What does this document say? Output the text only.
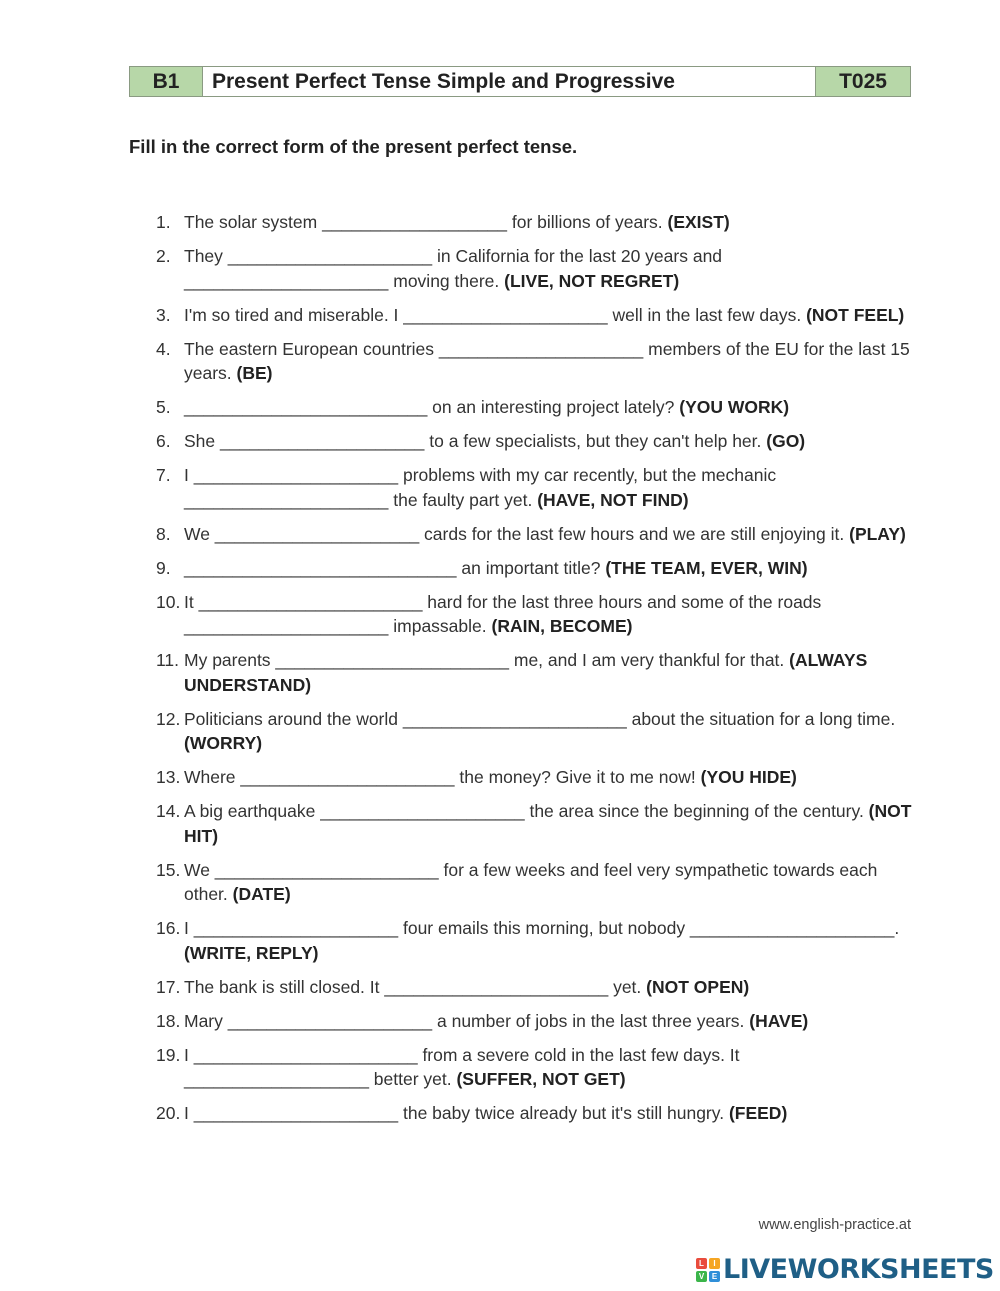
B1	Present Perfect Tense Simple and Progressive	T025
Fill in the correct form of the present perfect tense.
1. The solar system ___________________ for billions of years. (EXIST)
2. They _____________________ in California for the last 20 years and _____________________ moving there. (LIVE, NOT REGRET)
3. I'm so tired and miserable. I _____________________ well in the last few days. (NOT FEEL)
4. The eastern European countries _____________________ members of the EU for the last 15 years. (BE)
5. _________________________ on an interesting project lately? (YOU WORK)
6. She _____________________ to a few specialists, but they can't help her. (GO)
7. I _____________________ problems with my car recently, but the mechanic _____________________ the faulty part yet. (HAVE, NOT FIND)
8. We _____________________ cards for the last few hours and we are still enjoying it. (PLAY)
9. ____________________________ an important title? (THE TEAM, EVER, WIN)
10. It _______________________ hard for the last three hours and some of the roads _____________________ impassable. (RAIN, BECOME)
11. My parents ________________________ me, and I am very thankful for that. (ALWAYS UNDERSTAND)
12. Politicians around the world _______________________ about the situation for a long time. (WORRY)
13. Where ______________________ the money? Give it to me now! (YOU HIDE)
14. A big earthquake _____________________ the area since the beginning of the century. (NOT HIT)
15. We _______________________ for a few weeks and feel very sympathetic towards each other. (DATE)
16. I _____________________ four emails this morning, but nobody _____________________. (WRITE, REPLY)
17. The bank is still closed. It _______________________ yet. (NOT OPEN)
18. Mary _____________________ a number of jobs in the last three years. (HAVE)
19. I _______________________ from a severe cold in the last few days. It ___________________ better yet. (SUFFER, NOT GET)
20. I _____________________ the baby twice already but it's still hungry. (FEED)
www.english-practice.at
L	I
V E LIVEWORKSHEETS
